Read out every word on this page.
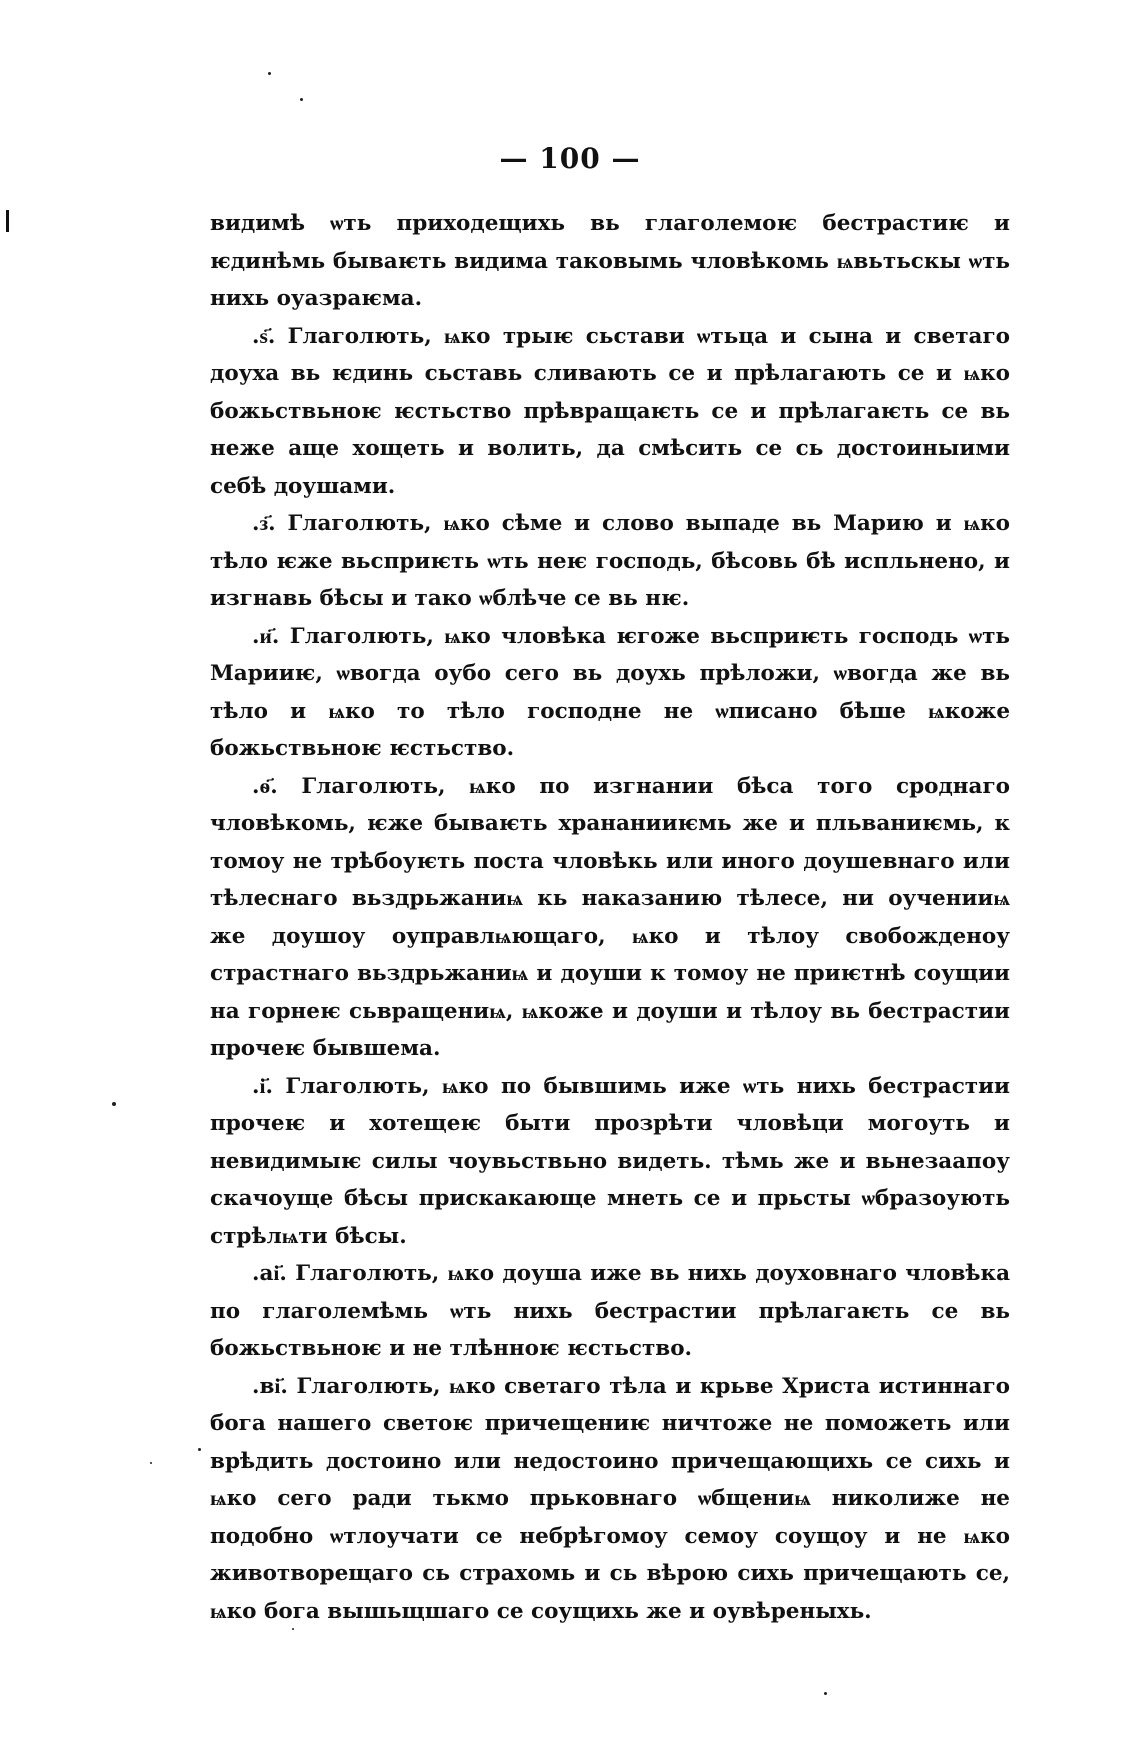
— 100 —

видимѣ ѡть приходещихь вь глаголемоѥ бестрастиѥ и ѥдинѣмь бываѥть видима таковымь чловѣкомь ѩвьтьскы ѡть нихь оуазраѥма.

.ѕ҃. Глаголють, ѩко трыѥ сьстави ѡтьца и сына и светаго доуха вь ѥдинь сьставь сливають се и прѣлагають се и ѩко божьствьноѥ ѥстьство прѣвращаѥть се и прѣлагаѥть се вь неже аще хощеть и волить, да смѣсить се сь достоиныими себѣ доушами.

.з҃. Глаголють, ѩко сѣме и слово выпаде вь Марию и ѩко тѣло ѥже вьсприѥть ѡть неѥ господь, бѣсовь бѣ испльнено, и изгнавь бѣсы и тако ѡблѣче се вь нѥ.

.и҃. Глаголють, ѩко чловѣка ѥгоже вьсприѥть господь ѡть Марииѥ, ѡвогда оубо сего вь доухь прѣложи, ѡвогда же вь тѣло и ѩко то тѣло господне не ѡписано бѣше ѩкоже божьствьноѥ ѥстьство.

.ѳ҃. Глаголють, ѩко по изгнании бѣса того сроднаго чловѣкомь, ѥже бываѥть хрананииѥмь же и пльваниѥмь, к томоу не трѣбоуѥть поста чловѣкь или иного доушевнаго или тѣлеснаго вьздрьжаниѩ кь наказанию тѣлесе, ни оученииѩ же доушоу оуправлѩющаго, ѩко и тѣлоу свобожденоу страстнаго вьздрьжаниѩ и доуши к томоу не приѥтнѣ соущии на горнеѥ сьвращениѩ, ѩкоже и доуши и тѣлоу вь бестрастии прочеѥ бывшема.

.і҃. Глаголють, ѩко по бывшимь иже ѡть нихь бестрастии прочеѥ и хотещеѥ быти прозрѣти чловѣци могоуть и невидимыѥ силы чоувьствьно видеть. тѣмь же и вьнезаапоу скачоуще бѣсы прискакающе мнеть се и прьсты ѡбразоують стрѣлѩти бѣсы.

.аі҃. Глаголють, ѩко доуша иже вь нихь доуховнаго чловѣка по глаголемѣмь ѡть нихь бестрастии прѣлагаѥть се вь божьствьноѥ и не тлѣнноѥ ѥстьство.

.ві҃. Глаголють, ѩко светаго тѣла и крьве Христа истиннаго бога нашего светоѥ причещениѥ ничтоже не поможеть или врѣдить достоино или недостоино причещающихь се сихь и ѩко сего ради тькмо прьковнаго ѡбщениѩ николиже не подобно ѡтлоучати се небрѣгомоу семоу соущоу и не ѩко животворещаго сь страхомь и сь вѣрою сихь причещають се, ѩко бога вышьщшаго се соущихь же и оувѣреныхь.
